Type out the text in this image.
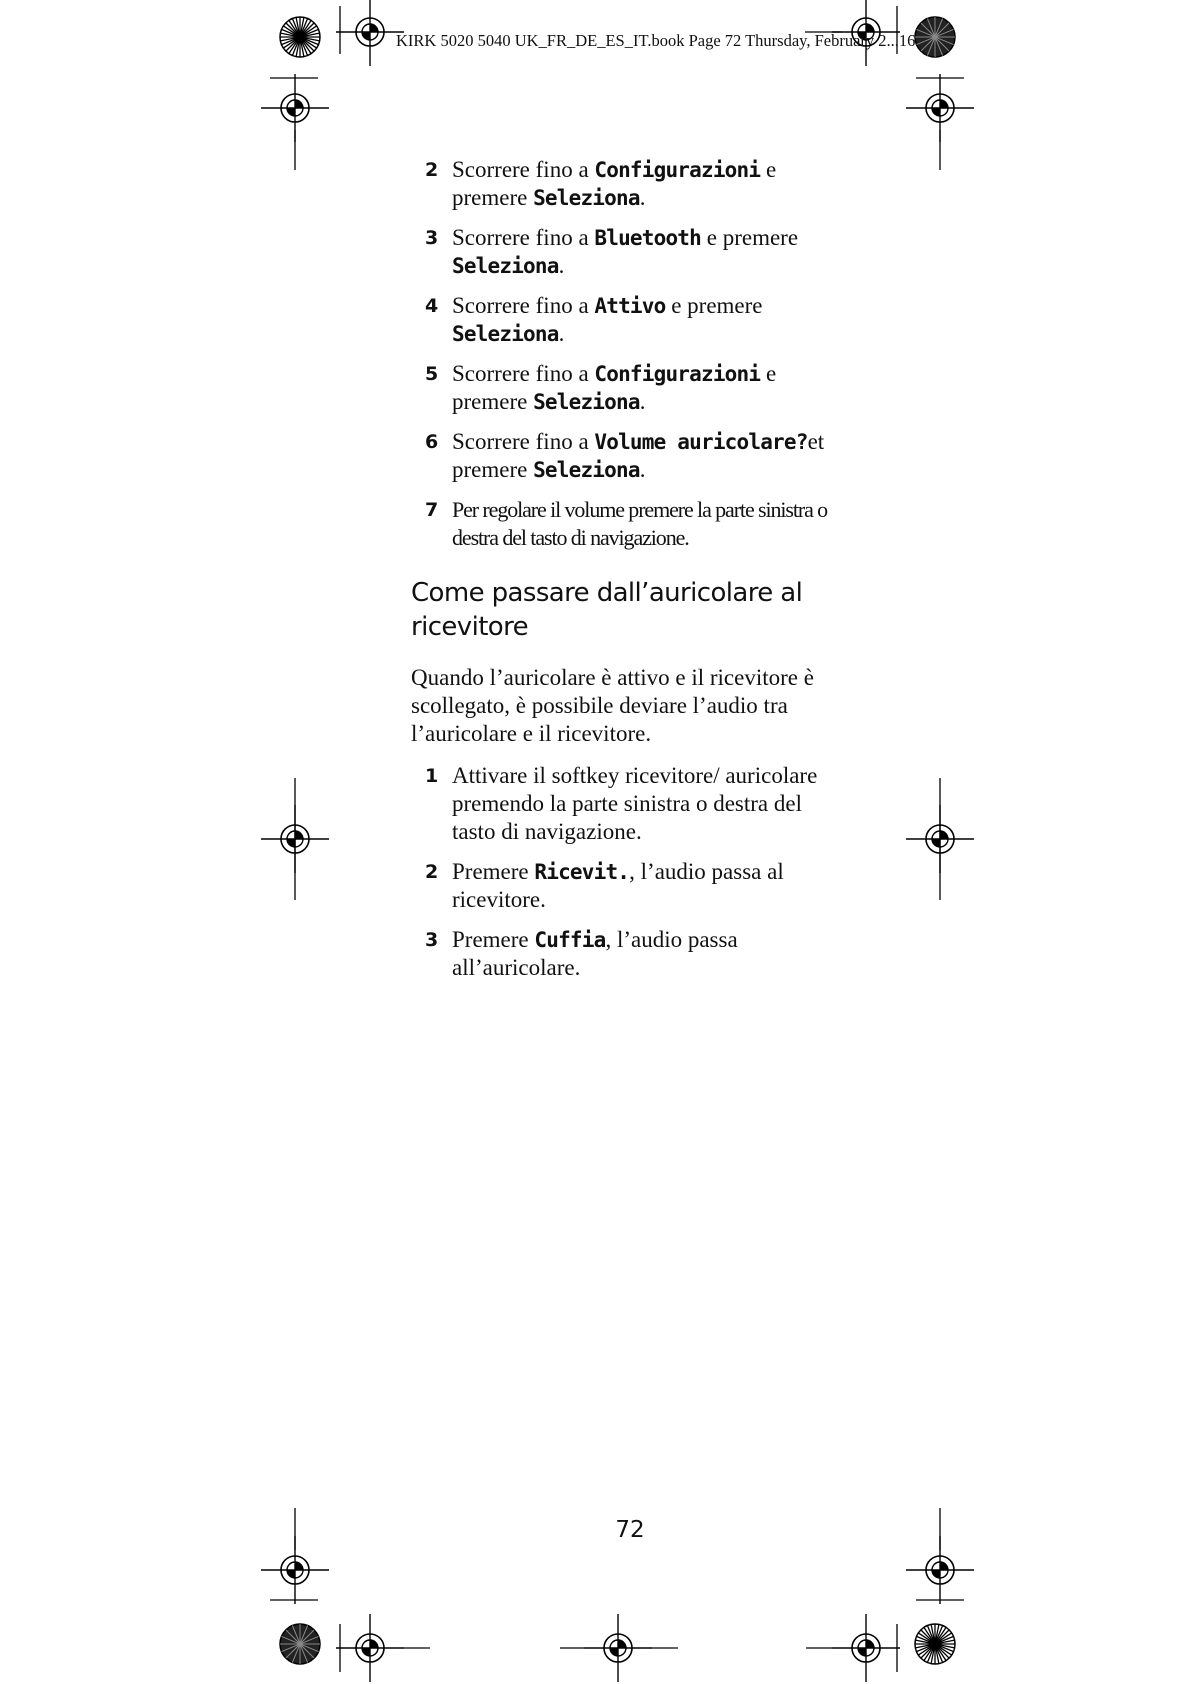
KIRK 5020 5040 UK_FR_DE_ES_IT.book Page 72 Thursday, February 2...16
2 Scorrere fino a Configurazioni e premere Seleziona.
3 Scorrere fino a Bluetooth e premere Seleziona.
4 Scorrere fino a Attivo e premere Seleziona.
5 Scorrere fino a Configurazioni e premere Seleziona.
6 Scorrere fino a Volume auricolare?et premere Seleziona.
7 Per regolare il volume premere la parte sinistra o destra del tasto di navigazione.
Come passare dall’auricolare al ricevitore

Quando l’auricolare è attivo e il ricevitore è scollegato, è possibile deviare l’audio tra l’auricolare e il ricevitore.

1 Attivare il softkey ricevitore/ auricolare premendo la parte sinistra o destra del tasto di navigazione.
2 Premere Ricevit., l’audio passa al ricevitore.
3 Premere Cuffia, l’audio passa all’auricolare.
72
